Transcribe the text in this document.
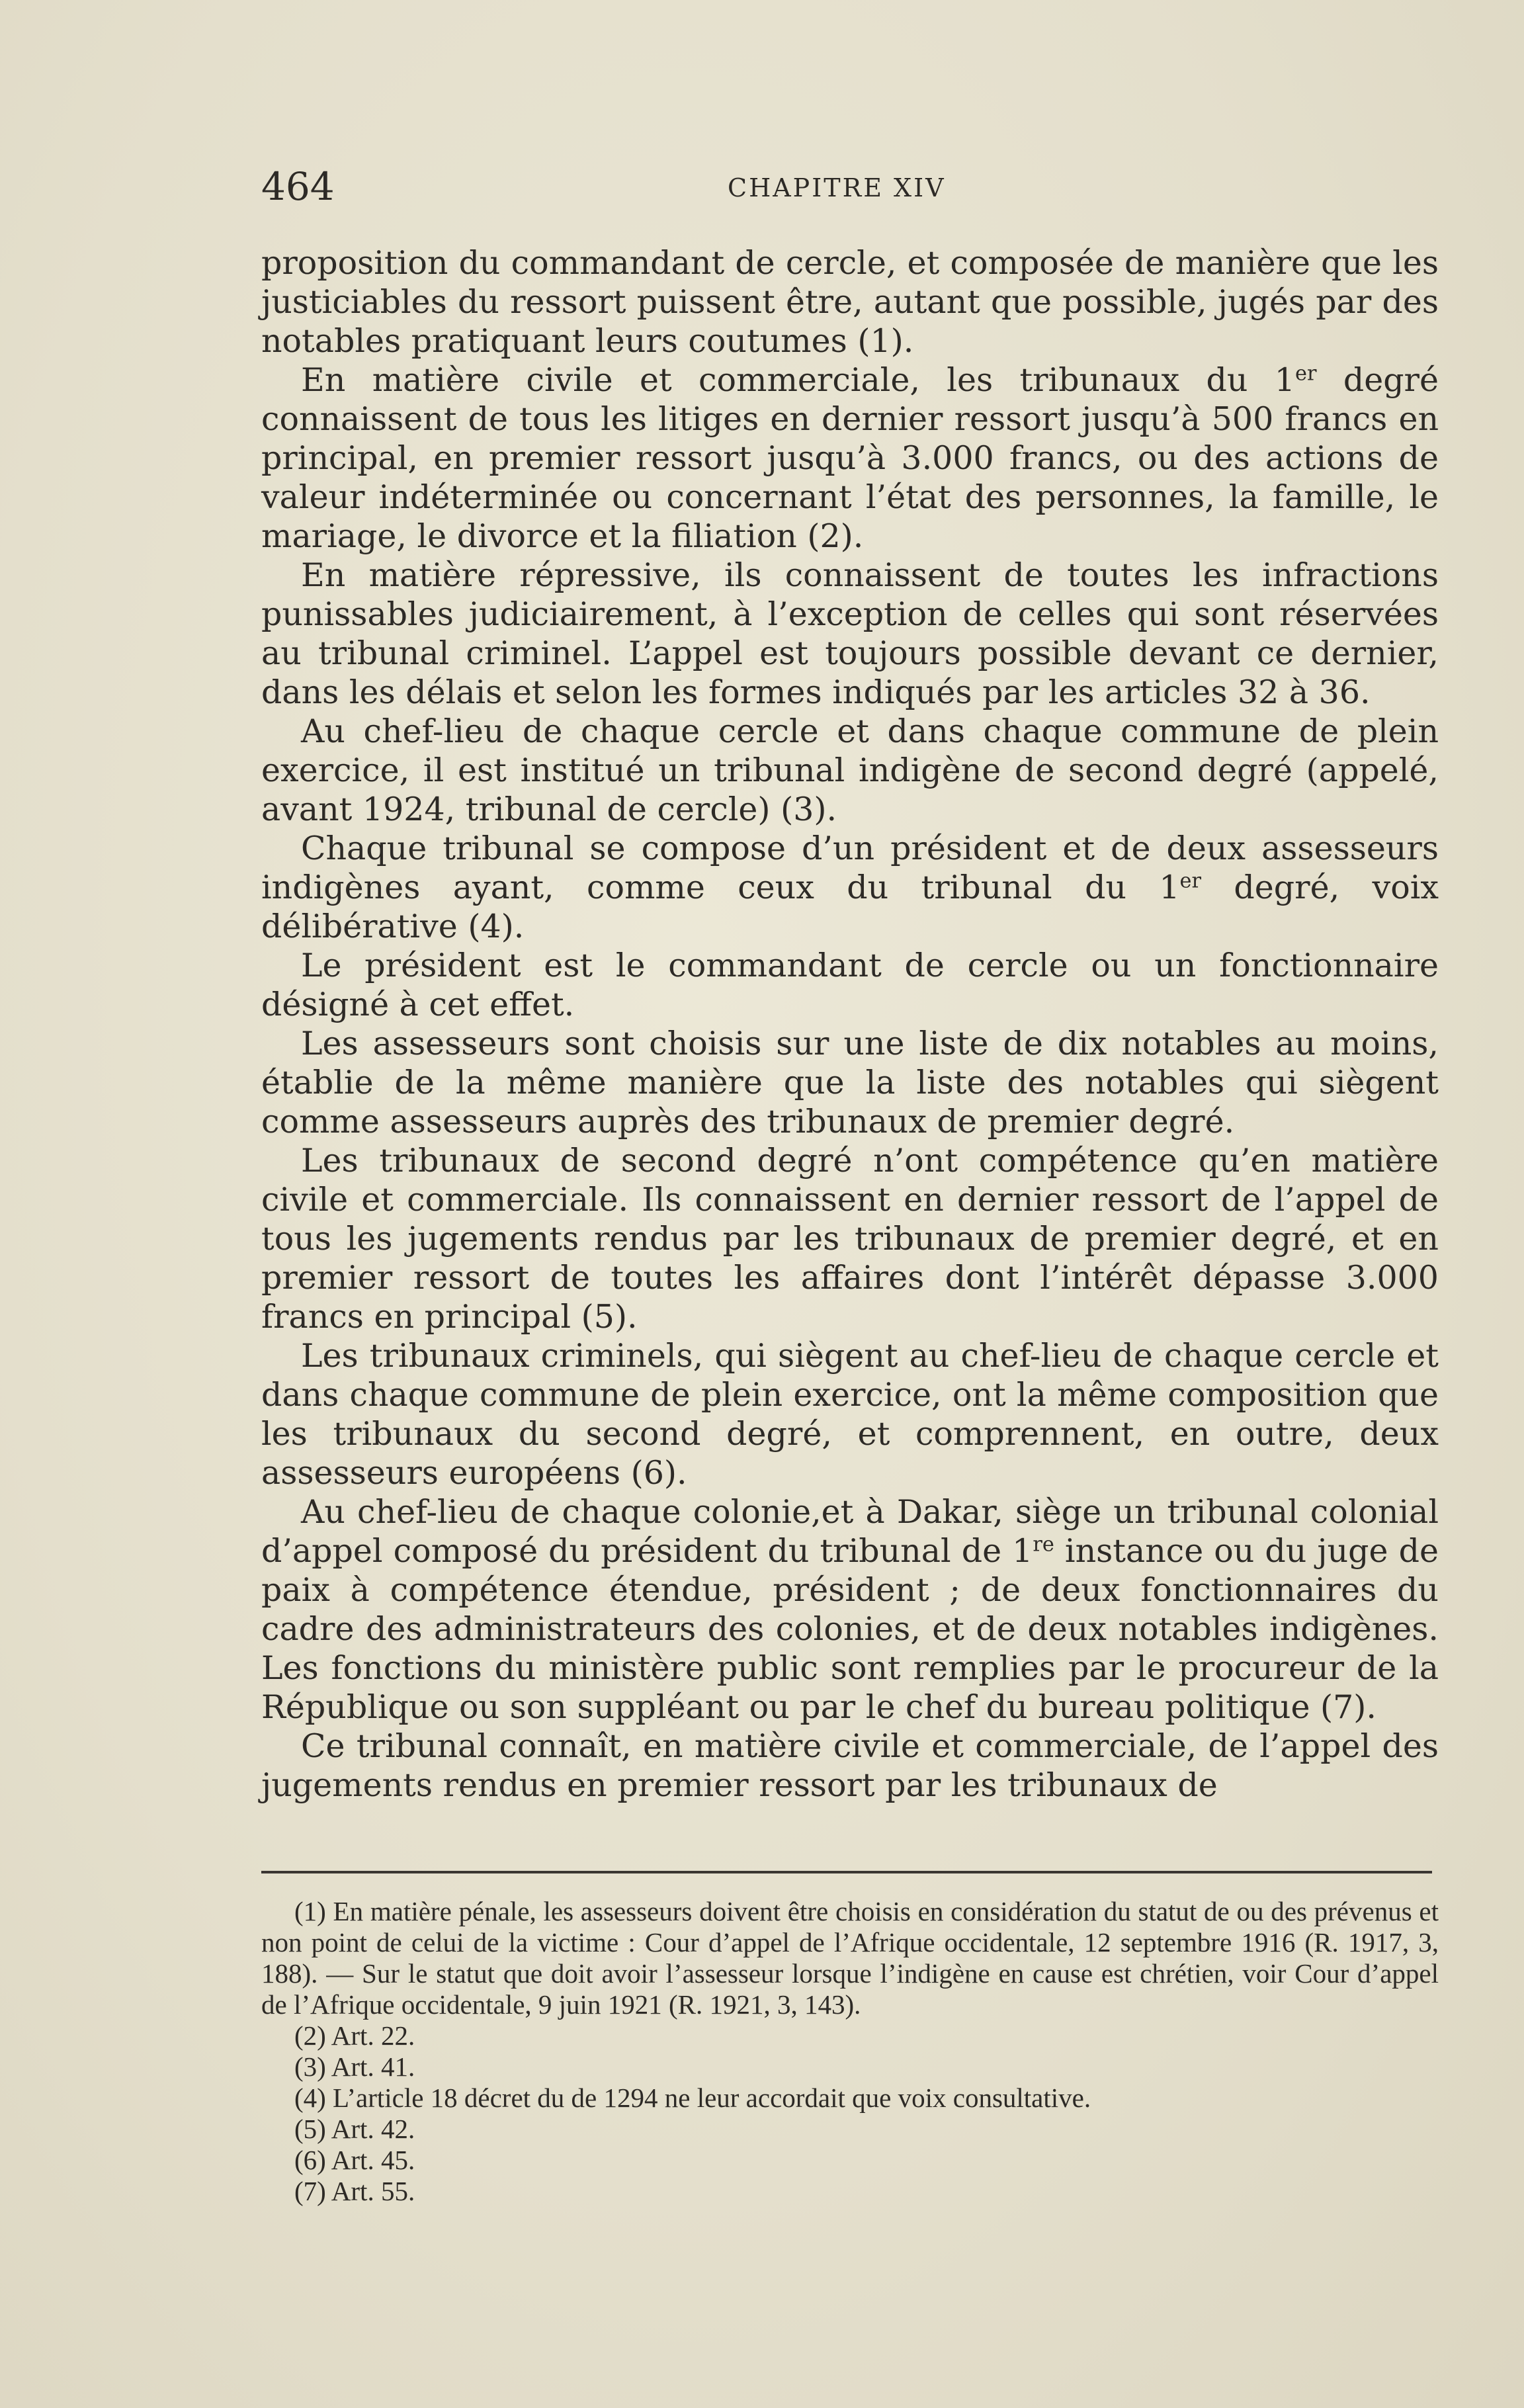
464	CHAPITRE XIV

proposition du commandant de cercle, et composée de manière que les justiciables du ressort puissent être, autant que possible, jugés par des notables pratiquant leurs coutumes (1).

En matière civile et commerciale, les tribunaux du 1er degré connaissent de tous les litiges en dernier ressort jusqu’à 500 francs en principal, en premier ressort jusqu’à 3.000 francs, ou des actions de valeur indéterminée ou concernant l’état des personnes, la famille, le mariage, le divorce et la filiation (2).

En matière répressive, ils connaissent de toutes les infractions punissables judiciairement, à l’exception de celles qui sont réservées au tribunal criminel. L’appel est toujours possible devant ce dernier, dans les délais et selon les formes indiqués par les articles 32 à 36.

Au chef-lieu de chaque cercle et dans chaque commune de plein exercice, il est institué un tribunal indigène de second degré (appelé, avant 1924, tribunal de cercle) (3).

Chaque tribunal se compose d’un président et de deux assesseurs indigènes ayant, comme ceux du tribunal du 1er degré, voix délibérative (4).

Le président est le commandant de cercle ou un fonctionnaire désigné à cet effet.

Les assesseurs sont choisis sur une liste de dix notables au moins, établie de la même manière que la liste des notables qui siègent comme assesseurs auprès des tribunaux de premier degré.

Les tribunaux de second degré n’ont compétence qu’en matière civile et commerciale. Ils connaissent en dernier ressort de l’appel de tous les jugements rendus par les tribunaux de premier degré, et en premier ressort de toutes les affaires dont l’intérêt dépasse 3.000 francs en principal (5).

Les tribunaux criminels, qui siègent au chef-lieu de chaque cercle et dans chaque commune de plein exercice, ont la même composition que les tribunaux du second degré, et comprennent, en outre, deux assesseurs européens (6).

Au chef-lieu de chaque colonie,et à Dakar, siège un tribunal colonial d’appel composé du président du tribunal de 1re instance ou du juge de paix à compétence étendue, président ; de deux fonctionnaires du cadre des administrateurs des colonies, et de deux notables indigènes. Les fonctions du ministère public sont remplies par le procureur de la République ou son suppléant ou par le chef du bureau politique (7).

Ce tribunal connaît, en matière civile et commerciale, de l’appel des jugements rendus en premier ressort par les tribunaux de

(1) En matière pénale, les assesseurs doivent être choisis en considération du statut de ou des prévenus et non point de celui de la victime : Cour d’appel de l’Afrique occidentale, 12 septembre 1916 (R. 1917, 3, 188). — Sur le statut que doit avoir l’assesseur lorsque l’indigène en cause est chrétien, voir Cour d’appel de l’Afrique occidentale, 9 juin 1921 (R. 1921, 3, 143).

(2) Art. 22.

(3) Art. 41.

(4) L’article 18 décret du de 1294 ne leur accordait que voix consultative.

(5) Art. 42.

(6) Art. 45.

(7) Art. 55.
